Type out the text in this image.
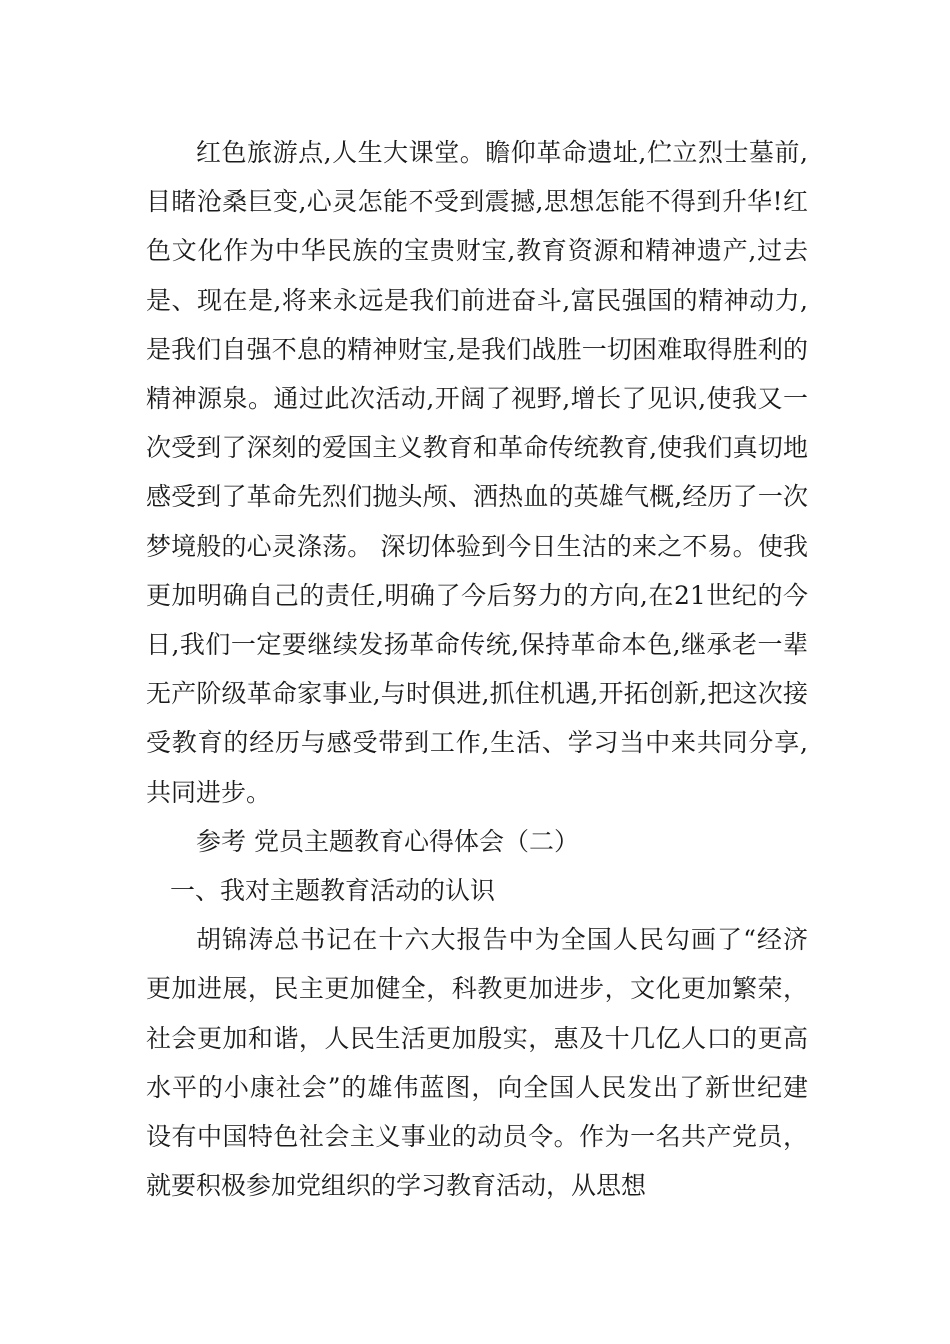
红色旅游点,人生大课堂。瞻仰革命遗址,伫立烈士墓前,目睹沧桑巨变,心灵怎能不受到震撼,思想怎能不得到升华!红色文化作为中华民族的宝贵财宝,教育资源和精神遗产,过去是、现在是,将来永远是我们前进奋斗,富民强国的精神动力,是我们自强不息的精神财宝,是我们战胜一切困难取得胜利的精神源泉。通过此次活动,开阔了视野,增长了见识,使我又一次受到了深刻的爱国主义教育和革命传统教育,使我们真切地感受到了革命先烈们抛头颅、洒热血的英雄气概,经历了一次梦境般的心灵涤荡。 深切体验到今日生沽的来之不易。使我更加明确自己的责任,明确了今后努力的方向,在21世纪的今日,我们一定要继续发扬革命传统,保持革命本色,继承老一辈无产阶级革命家事业,与时俱进,抓住机遇,开拓创新,把这次接受教育的经历与感受带到工作,生活、学习当中来共同分享,共同进步。

参考 党员主题教育心得体会（二）

一、我对主题教育活动的认识

胡锦涛总书记在十六大报告中为全国人民勾画了“经济更加进展，民主更加健全，科教更加进步，文化更加繁荣，社会更加和谐，人民生活更加殷实，惠及十几亿人口的更高水平的小康社会”的雄伟蓝图，向全国人民发出了新世纪建设有中国特色社会主义事业的动员令。作为一名共产党员，就要积极参加党组织的学习教育活动，从思想
